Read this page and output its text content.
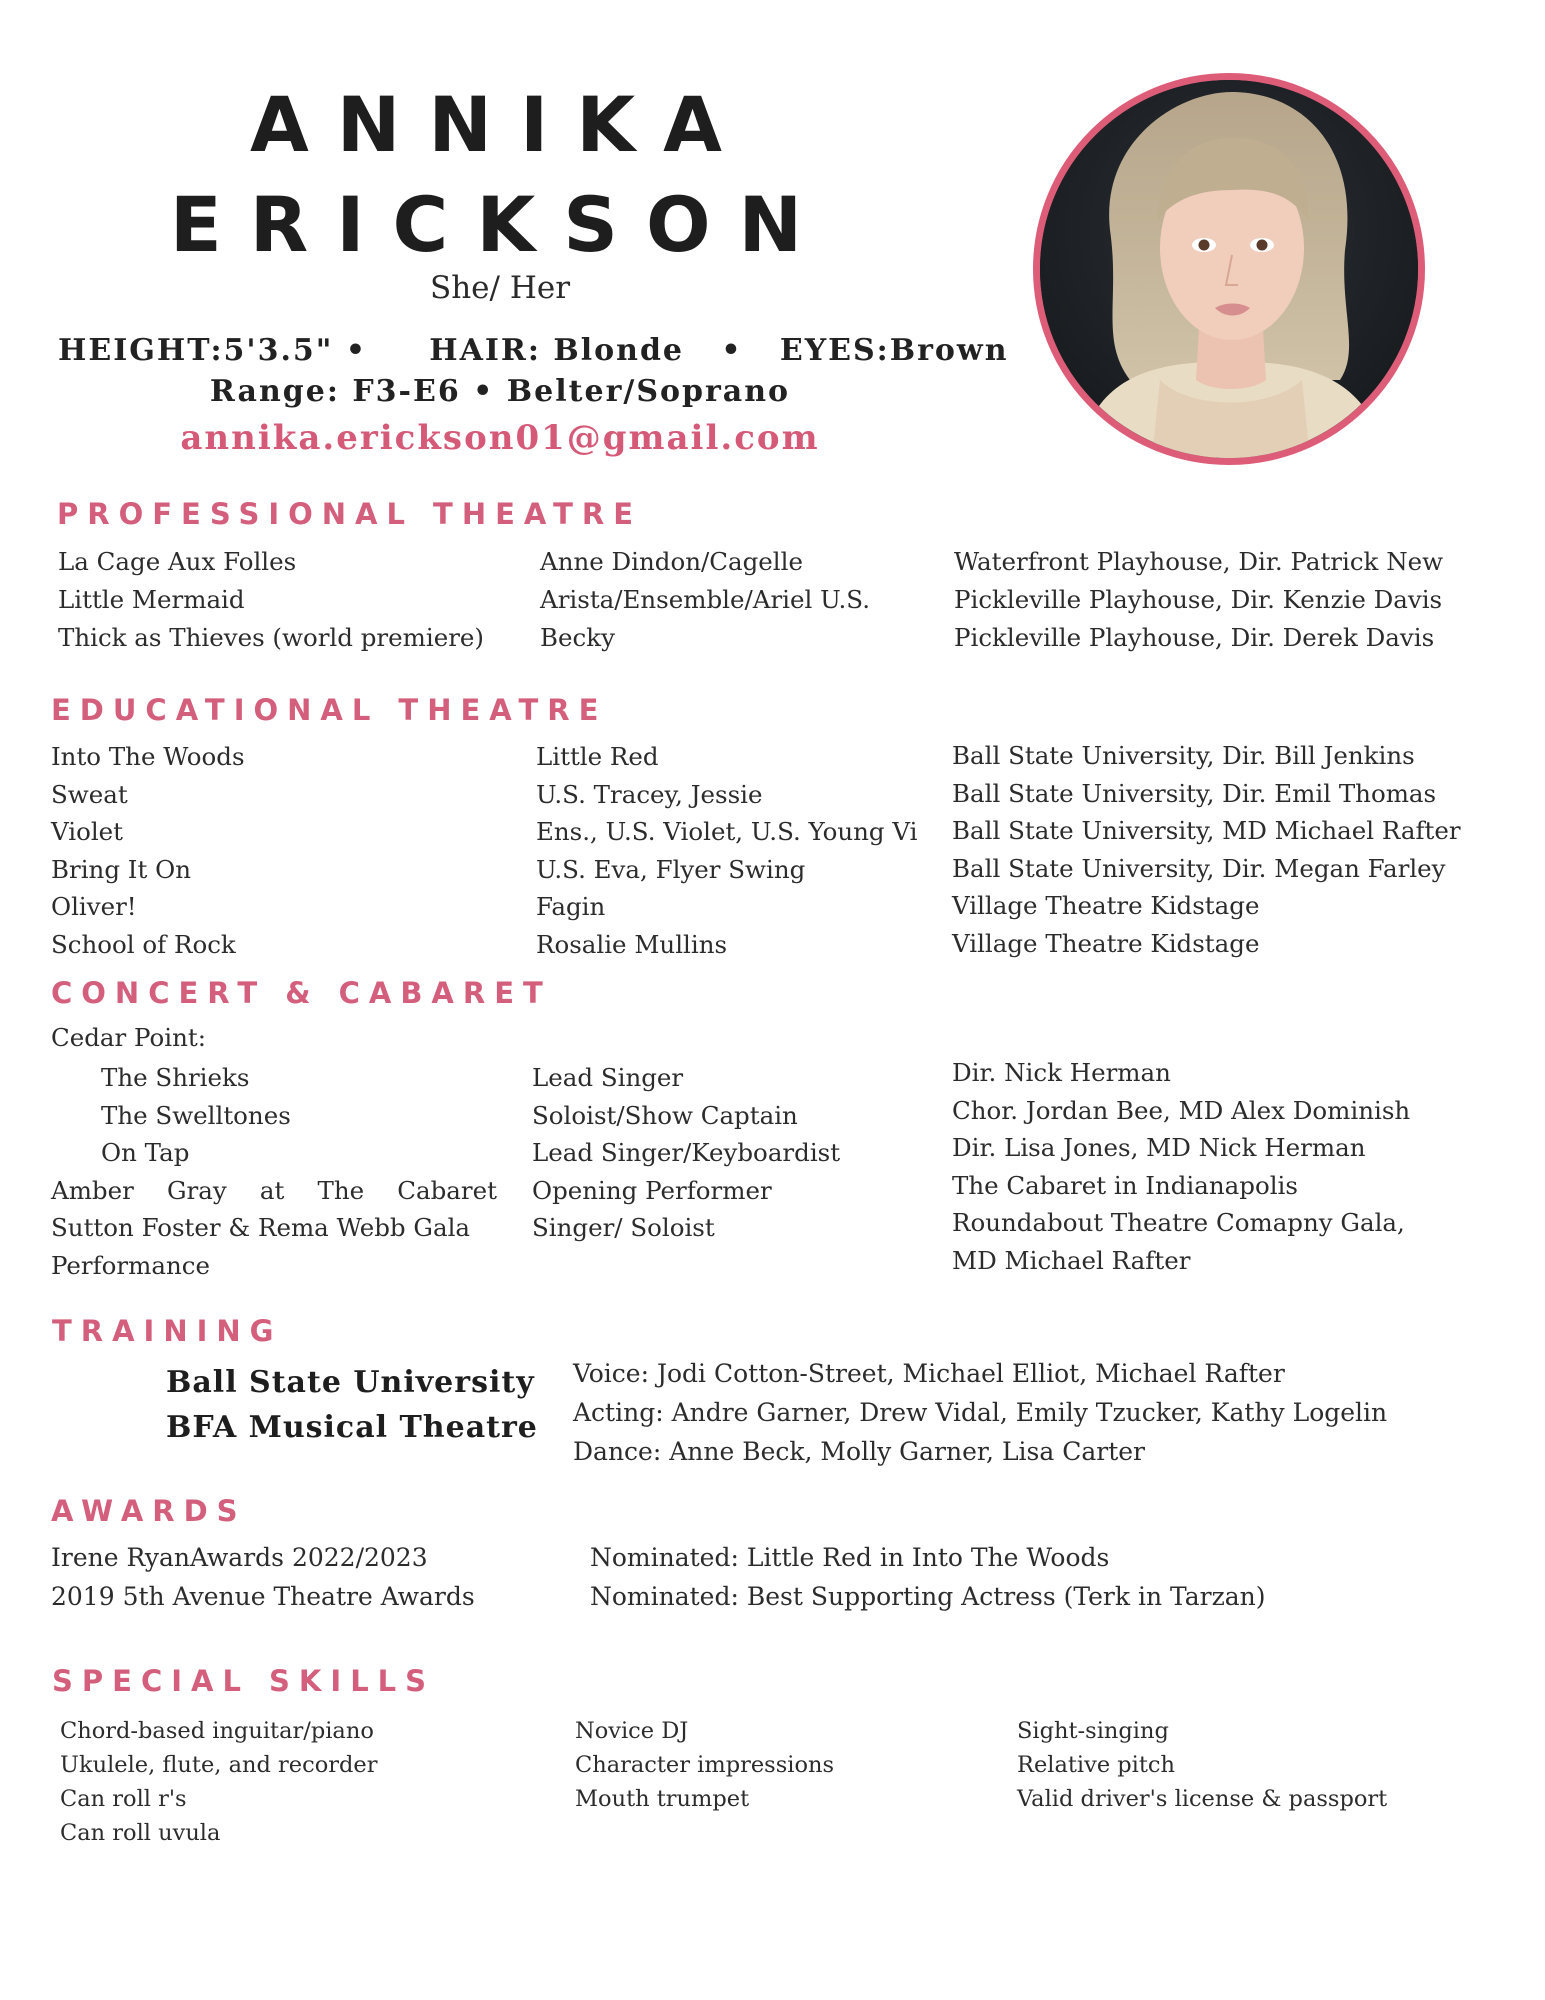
ANNIKA
ERICKSON
She/ Her
HEIGHT:5'3.5" •     HAIR: Blonde   •   EYES:Brown
Range: F3-E6 • Belter/Soprano
annika.erickson01@gmail.com
PROFESSIONAL THEATRE
La Cage Aux Folles
Little Mermaid
Thick as Thieves (world premiere)
Anne Dindon/Cagelle
Arista/Ensemble/Ariel U.S.
Becky
Waterfront Playhouse, Dir. Patrick New
Pickleville Playhouse, Dir. Kenzie Davis
Pickleville Playhouse, Dir. Derek Davis
EDUCATIONAL THEATRE
Into The Woods
Sweat
Violet
Bring It On
Oliver!
School of Rock
Little Red
U.S. Tracey, Jessie
Ens., U.S. Violet, U.S. Young Vi
U.S. Eva, Flyer Swing
Fagin
Rosalie Mullins
Ball State University, Dir. Bill Jenkins
Ball State University, Dir. Emil Thomas
Ball State University, MD Michael Rafter
Ball State University, Dir. Megan Farley
Village Theatre Kidstage
Village Theatre Kidstage
CONCERT & CABARET
Cedar Point:
The Shrieks
The Swelltones
On Tap
Amber Gray at The Cabaret
Sutton Foster & Rema Webb Gala
Performance
Lead Singer
Soloist/Show Captain
Lead Singer/Keyboardist
Opening Performer
Singer/ Soloist
Dir. Nick Herman
Chor. Jordan Bee, MD Alex Dominish
Dir. Lisa Jones, MD Nick Herman
The Cabaret in Indianapolis
Roundabout Theatre Comapny Gala,
MD Michael Rafter
TRAINING
Ball State University
BFA Musical Theatre
Voice: Jodi Cotton-Street, Michael Elliot, Michael Rafter
Acting: Andre Garner, Drew Vidal, Emily Tzucker, Kathy Logelin
Dance: Anne Beck, Molly Garner, Lisa Carter
AWARDS
Irene RyanAwards 2022/2023
2019 5th Avenue Theatre Awards
Nominated: Little Red in Into The Woods
Nominated: Best Supporting Actress (Terk in Tarzan)
SPECIAL SKILLS
Chord-based inguitar/piano
Ukulele, flute, and recorder
Can roll r's
Can roll uvula
Novice DJ
Character impressions
Mouth trumpet
Sight-singing
Relative pitch
Valid driver's license & passport
